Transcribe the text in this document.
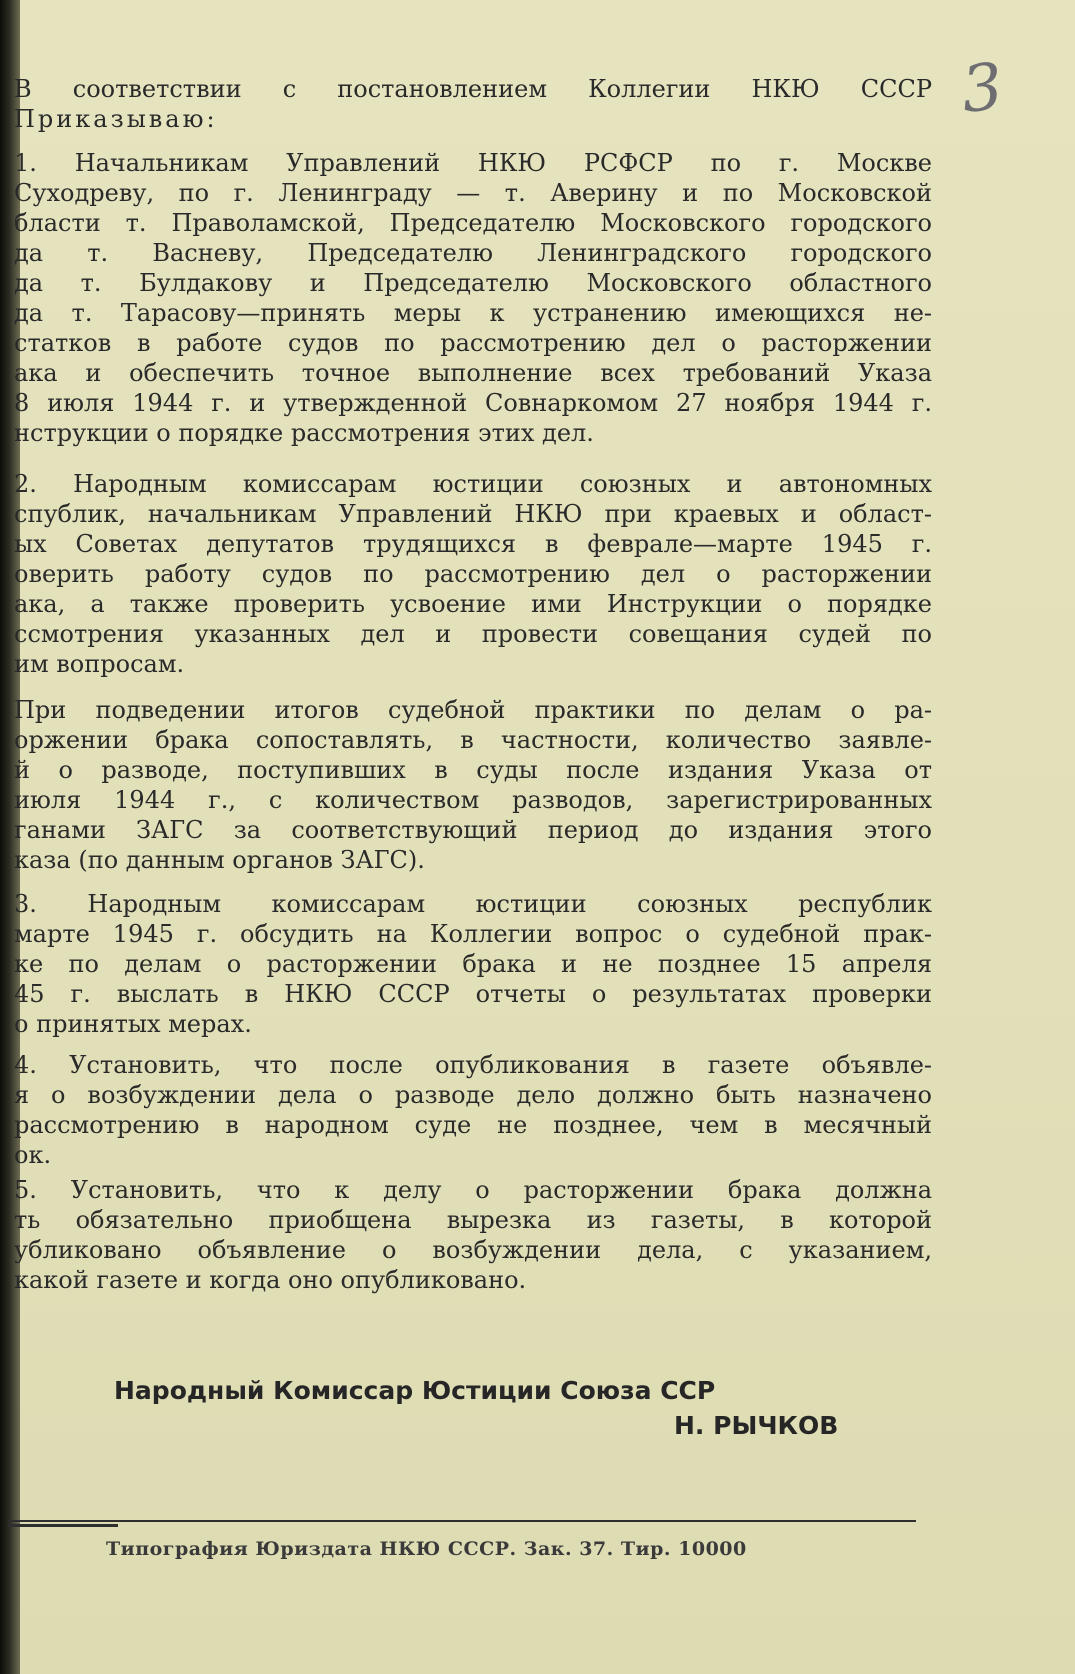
3
В соответствии с постановлением Коллегии НКЮ СССР
Приказываю:
1. Начальникам Управлений НКЮ РСФСР по г. Москве
Суходреву, по г. Ленинграду — т. Аверину и по Московской
бласти т. Праволамской, Председателю Московского городского
да т. Васневу, Председателю Ленинградского городского
да т. Булдакову и Председателю Московского областного
да т. Тарасову—принять меры к устранению имеющихся не-
статков в работе судов по рассмотрению дел о расторжении
ака и обеспечить точное выполнение всех требований Указа
8 июля 1944 г. и утвержденной Совнаркомом 27 ноября 1944 г.
нструкции о порядке рассмотрения этих дел.
2. Народным комиссарам юстиции союзных и автономных
спублик, начальникам Управлений НКЮ при краевых и област-
ых Советах депутатов трудящихся в феврале—марте 1945 г.
оверить работу судов по рассмотрению дел о расторжении
ака, а также проверить усвоение ими Инструкции о порядке
ссмотрения указанных дел и провести совещания судей по
им вопросам.
При подведении итогов судебной практики по делам о ра-
оржении брака сопоставлять, в частности, количество заявле-
й о разводе, поступивших в суды после издания Указа от
июля 1944 г., с количеством разводов, зарегистрированных
ганами ЗАГС за соответствующий период до издания этого
каза (по данным органов ЗАГС).
3. Народным комиссарам юстиции союзных республик
марте 1945 г. обсудить на Коллегии вопрос о судебной прак-
ке по делам о расторжении брака и не позднее 15 апреля
45 г. выслать в НКЮ СССР отчеты о результатах проверки
о принятых мерах.
4. Установить, что после опубликования в газете объявле-
я о возбуждении дела о разводе дело должно быть назначено
рассмотрению в народном суде не позднее, чем в месячный
ок.
5. Установить, что к делу о расторжении брака должна
ть обязательно приобщена вырезка из газеты, в которой
убликовано объявление о возбуждении дела, с указанием,
какой газете и когда оно опубликовано.
Народный Комиссар Юстиции Союза ССР
Н. РЫЧКОВ
Типография Юриздата НКЮ СССР. Зак. 37. Тир. 10000
